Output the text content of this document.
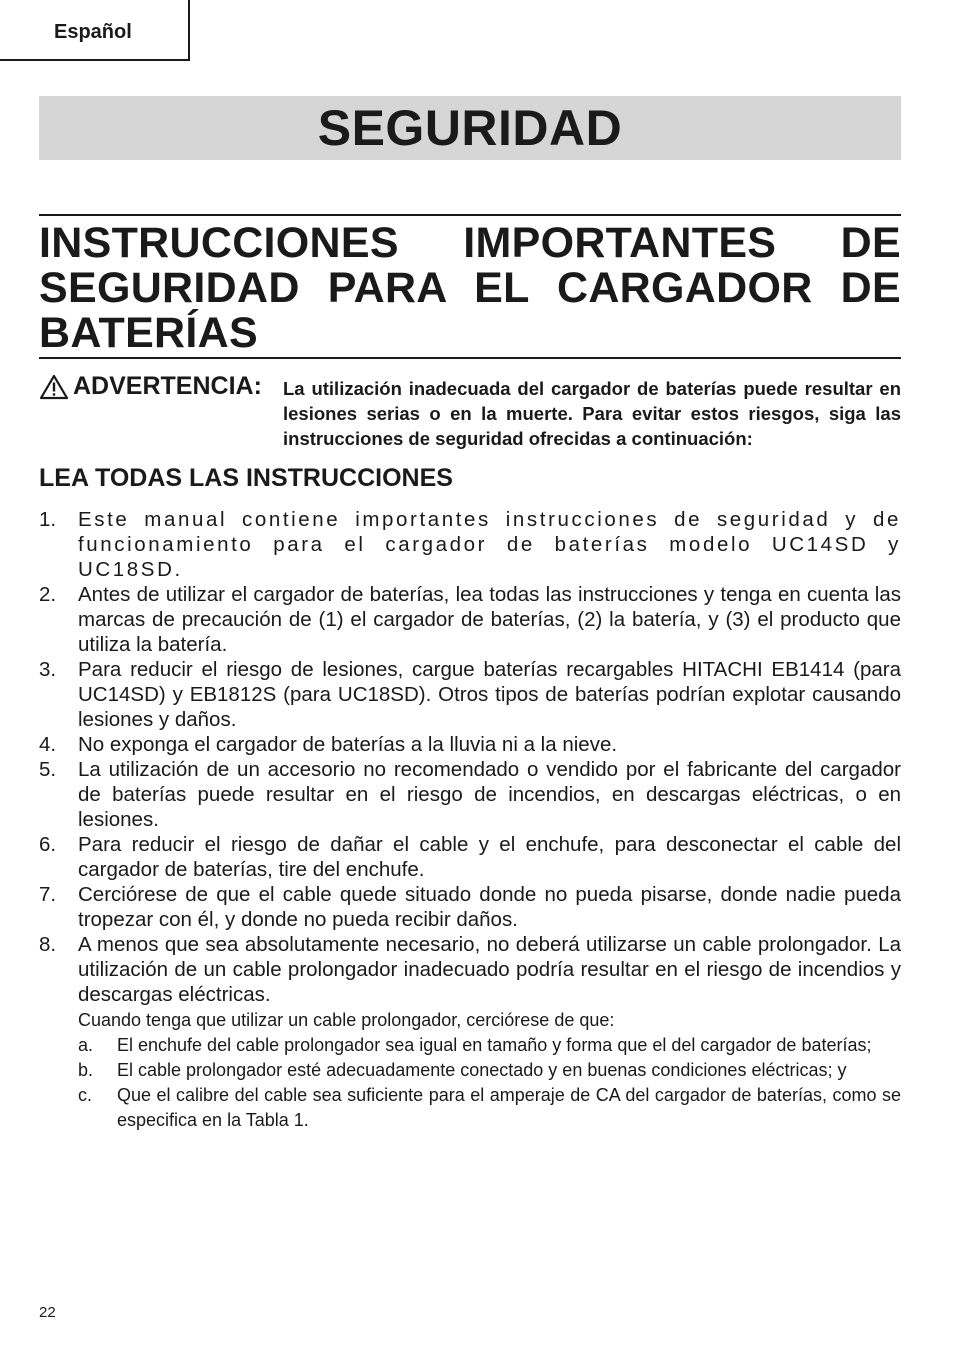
Español
SEGURIDAD
INSTRUCCIONES IMPORTANTES DE SEGURIDAD PARA EL CARGADOR DE BATERÍAS
ADVERTENCIA: La utilización inadecuada del cargador de baterías puede resultar en lesiones serias o en la muerte. Para evitar estos riesgos, siga las instrucciones de seguridad ofrecidas a continuación:
LEA TODAS LAS INSTRUCCIONES
1. Este manual contiene importantes instrucciones de seguridad y de funcionamiento para el cargador de baterías modelo UC14SD y UC18SD.
2. Antes de utilizar el cargador de baterías, lea todas las instrucciones y tenga en cuenta las marcas de precaución de (1) el cargador de baterías, (2) la batería, y (3) el producto que utiliza la batería.
3. Para reducir el riesgo de lesiones, cargue baterías recargables HITACHI EB1414 (para UC14SD) y EB1812S (para UC18SD). Otros tipos de baterías podrían explotar causando lesiones y daños.
4. No exponga el cargador de baterías a la lluvia ni a la nieve.
5. La utilización de un accesorio no recomendado o vendido por el fabricante del cargador de baterías puede resultar en el riesgo de incendios, en descargas eléctricas, o en lesiones.
6. Para reducir el riesgo de dañar el cable y el enchufe, para desconectar el cable del cargador de baterías, tire del enchufe.
7. Cerciórese de que el cable quede situado donde no pueda pisarse, donde nadie pueda tropezar con él, y donde no pueda recibir daños.
8. A menos que sea absolutamente necesario, no deberá utilizarse un cable prolongador. La utilización de un cable prolongador inadecuado podría resultar en el riesgo de incendios y descargas eléctricas.
Cuando tenga que utilizar un cable prolongador, cerciórese de que:
a. El enchufe del cable prolongador sea igual en tamaño y forma que el del cargador de baterías;
b. El cable prolongador esté adecuadamente conectado y en buenas condiciones eléctricas; y
c. Que el calibre del cable sea suficiente para el amperaje de CA del cargador de baterías, como se especifica en la Tabla 1.
22
